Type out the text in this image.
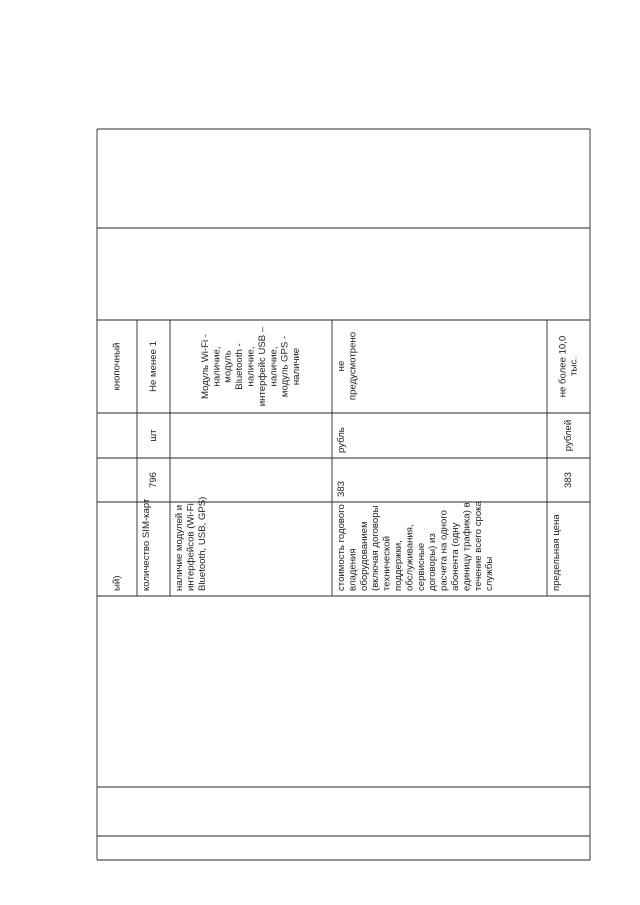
ый)
кнопочный
количество SIM-карт
796
шт
Не менее 1
наличие модулей и интерфейсов (Wi-Fi, Bluetooth, USB, GPS)
Модуль Wi-Fi - наличие, модуль Bluetooth - наличие, интерфейс USB – наличие, модуль GPS - наличие
стоимость годового владения оборудованием (включая договоры технической поддержки, обслуживания, сервисные договоры) из расчета на одного абонента (одну единицу трафика) в течение всего срока службы
383
рубль
не предусмотрено
предельная цена
383
рублей
не более 10,0 тыс.
